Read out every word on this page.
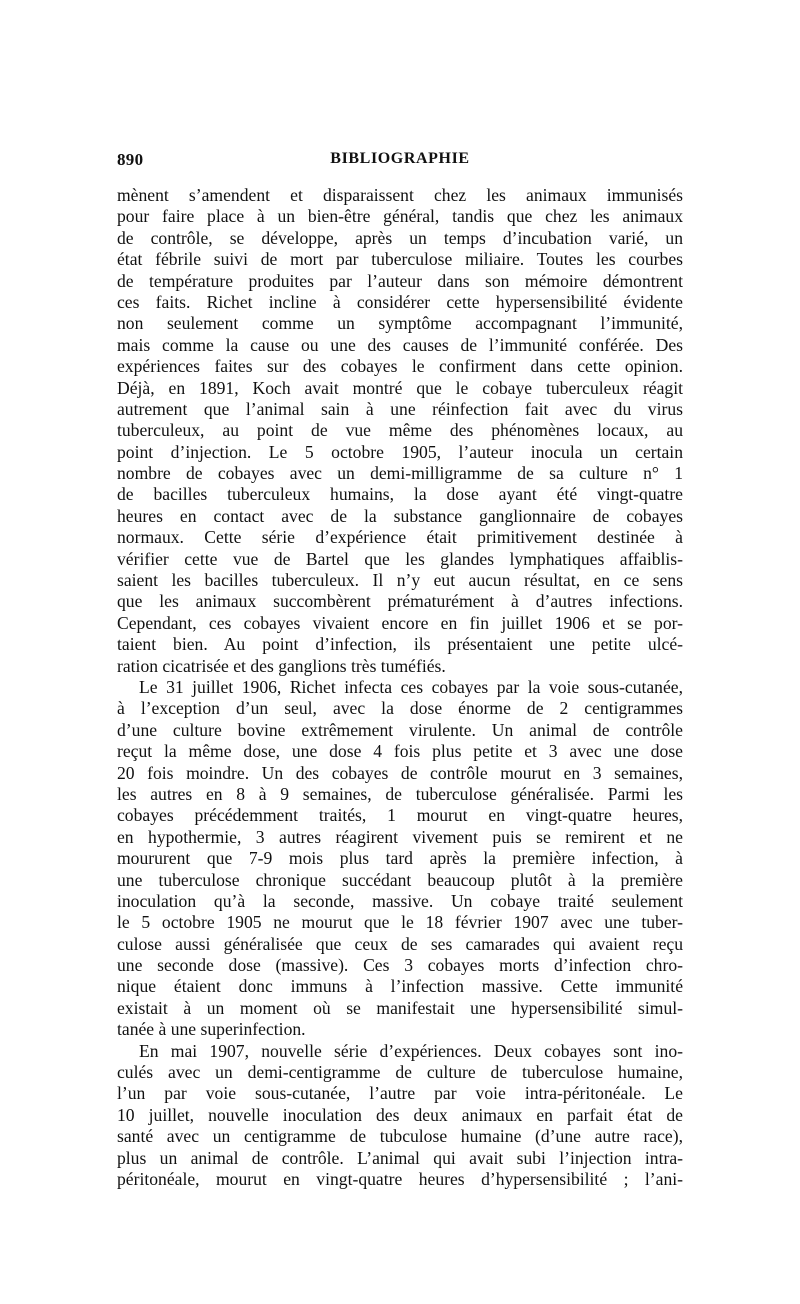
890	BIBLIOGRAPHIE
mènent s’amendent et disparaissent chez les animaux immunisés
pour faire place à un bien-être général, tandis que chez les animaux
de contrôle, se développe, après un temps d’incubation varié, un
état fébrile suivi de mort par tuberculose miliaire. Toutes les courbes
de température produites par l’auteur dans son mémoire démontrent
ces faits. Richet incline à considérer cette hypersensibilité évidente
non seulement comme un symptôme accompagnant l’immunité,
mais comme la cause ou une des causes de l’immunité conférée. Des
expériences faites sur des cobayes le confirment dans cette opinion.
Déjà, en 1891, Koch avait montré que le cobaye tuberculeux réagit
autrement que l’animal sain à une réinfection fait avec du virus
tuberculeux, au point de vue même des phénomènes locaux, au
point d’injection. Le 5 octobre 1905, l’auteur inocula un certain
nombre de cobayes avec un demi-milligramme de sa culture n° 1
de bacilles tuberculeux humains, la dose ayant été vingt-quatre
heures en contact avec de la substance ganglionnaire de cobayes
normaux. Cette série d’expérience était primitivement destinée à
vérifier cette vue de Bartel que les glandes lymphatiques affaiblis-
saient les bacilles tuberculeux. Il n’y eut aucun résultat, en ce sens
que les animaux succombèrent prématurément à d’autres infections.
Cependant, ces cobayes vivaient encore en fin juillet 1906 et se por-
taient bien. Au point d’infection, ils présentaient une petite ulcé-
ration cicatrisée et des ganglions très tuméfiés.
Le 31 juillet 1906, Richet infecta ces cobayes par la voie sous-cutanée,
à l’exception d’un seul, avec la dose énorme de 2 centigrammes
d’une culture bovine extrêmement virulente. Un animal de contrôle
reçut la même dose, une dose 4 fois plus petite et 3 avec une dose
20 fois moindre. Un des cobayes de contrôle mourut en 3 semaines,
les autres en 8 à 9 semaines, de tuberculose généralisée. Parmi les
cobayes précédemment traités, 1 mourut en vingt-quatre heures,
en hypothermie, 3 autres réagirent vivement puis se remirent et ne
moururent que 7-9 mois plus tard après la première infection, à
une tuberculose chronique succédant beaucoup plutôt à la première
inoculation qu’à la seconde, massive. Un cobaye traité seulement
le 5 octobre 1905 ne mourut que le 18 février 1907 avec une tuber-
culose aussi généralisée que ceux de ses camarades qui avaient reçu
une seconde dose (massive). Ces 3 cobayes morts d’infection chro-
nique étaient donc immuns à l’infection massive. Cette immunité
existait à un moment où se manifestait une hypersensibilité simul-
tanée à une superinfection.
En mai 1907, nouvelle série d’expériences. Deux cobayes sont ino-
culés avec un demi-centigramme de culture de tuberculose humaine,
l’un par voie sous-cutanée, l’autre par voie intra-péritonéale. Le
10 juillet, nouvelle inoculation des deux animaux en parfait état de
santé avec un centigramme de tubculose humaine (d’une autre race),
plus un animal de contrôle. L’animal qui avait subi l’injection intra-
péritonéale, mourut en vingt-quatre heures d’hypersensibilité ; l’ani-
